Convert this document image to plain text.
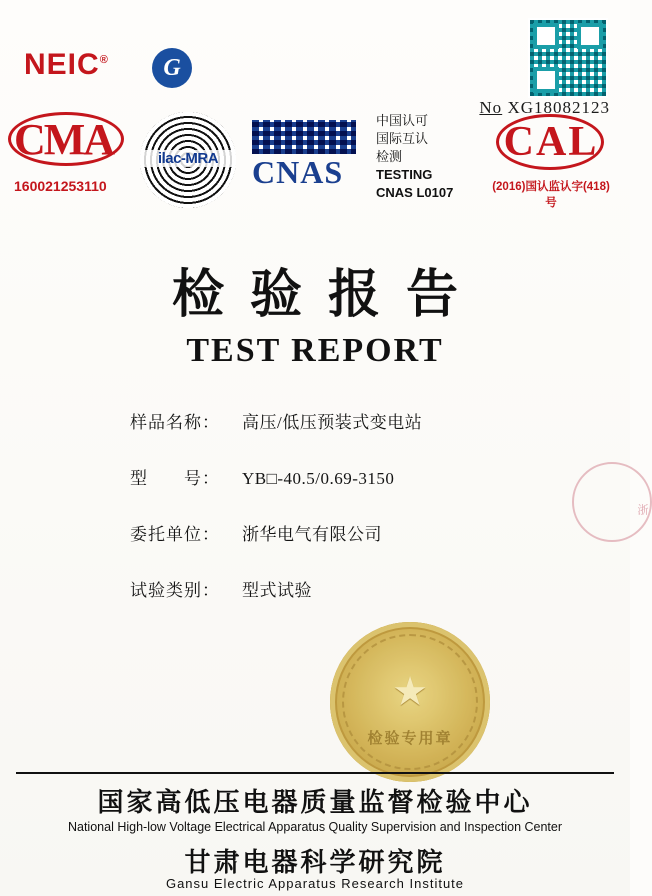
NEIC®	G
No XG18082123
CMA
160021253110
ilac-MRA	CNAS
中国认可
国际互认
检测
TESTING
CNAS L0107
CAL
(2016)国认监认字(418)号
检验报告
TEST REPORT
样品名称：	高压/低压预装式变电站
型　　号：	YB□-40.5/0.69-3150
委托单位：	浙华电气有限公司
试验类别：	型式试验
★
检验专用章
浙
国家高低压电器质量监督检验中心
National High-low Voltage Electrical Apparatus Quality Supervision and Inspection Center
甘肃电器科学研究院
Gansu Electric Apparatus Research Institute
